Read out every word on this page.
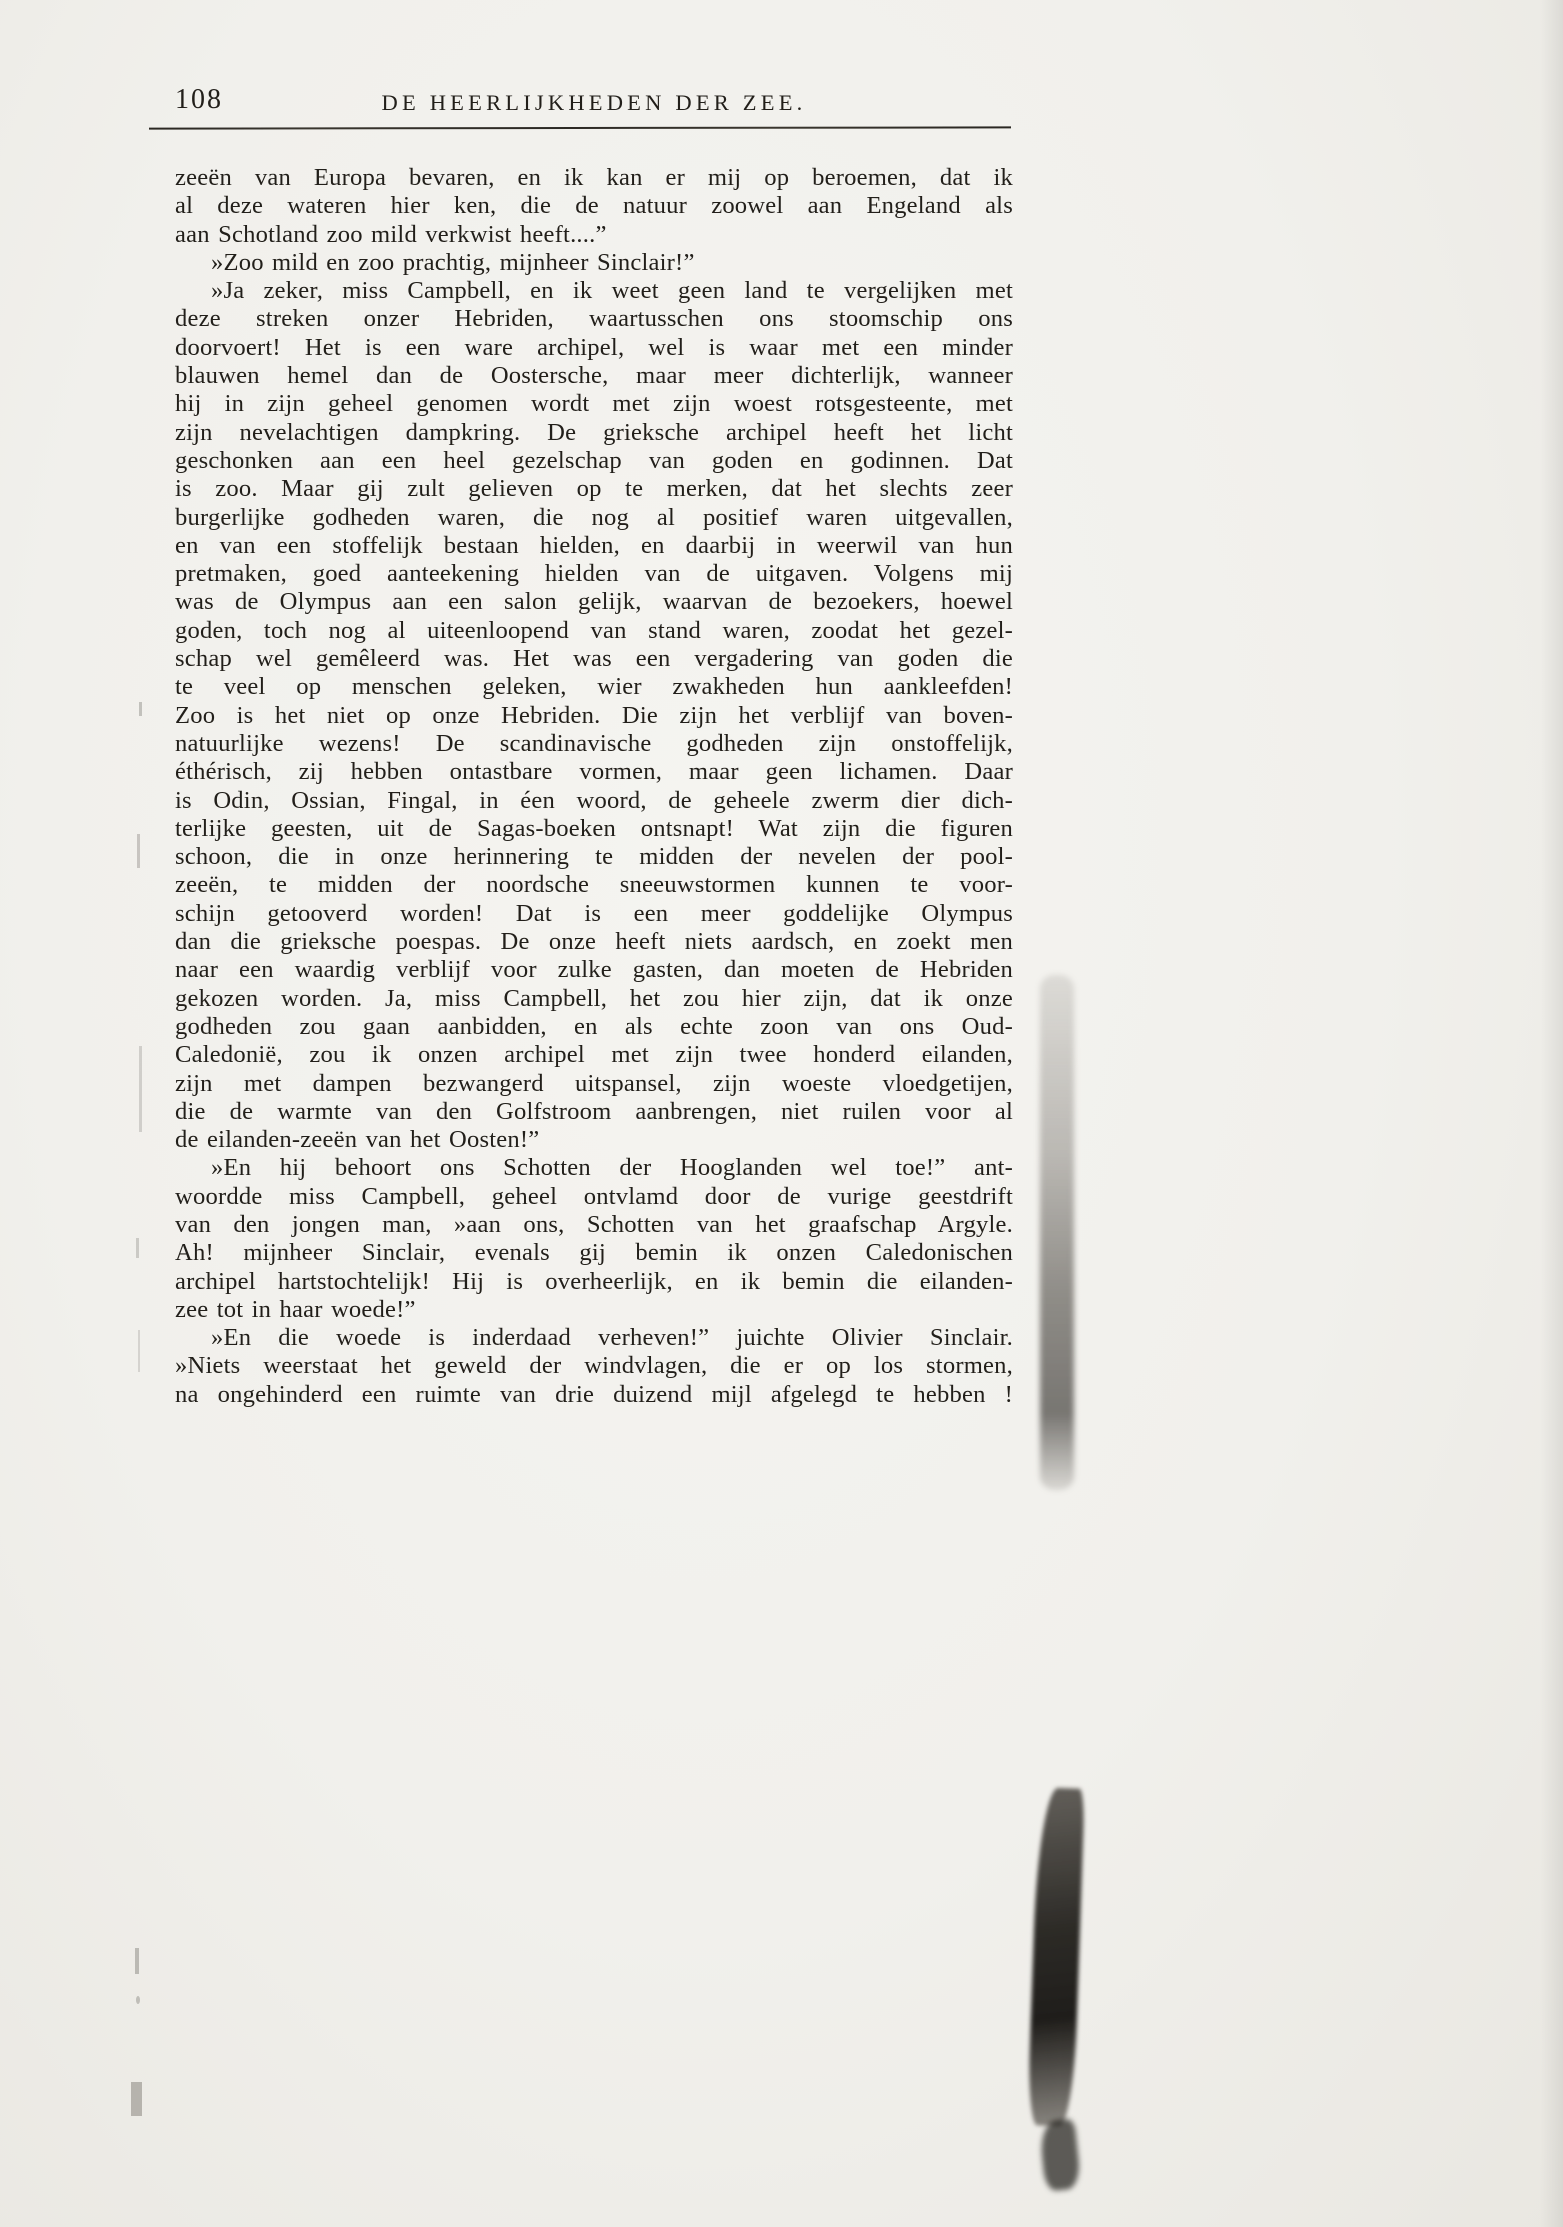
108	DE HEERLIJKHEDEN DER ZEE.
zeeën van Europa bevaren, en ik kan er mij op beroemen, dat ik
al deze wateren hier ken, die de natuur zoowel aan Engeland als
aan Schotland zoo mild verkwist heeft....”
»Zoo mild en zoo prachtig, mijnheer Sinclair!”
»Ja zeker, miss Campbell, en ik weet geen land te vergelijken met
deze streken onzer Hebriden, waartusschen ons stoomschip ons
doorvoert! Het is een ware archipel, wel is waar met een minder
blauwen hemel dan de Oostersche, maar meer dichterlijk, wanneer
hij in zijn geheel genomen wordt met zijn woest rotsgesteente, met
zijn nevelachtigen dampkring. De grieksche archipel heeft het licht
geschonken aan een heel gezelschap van goden en godinnen. Dat
is zoo. Maar gij zult gelieven op te merken, dat het slechts zeer
burgerlijke godheden waren, die nog al positief waren uitgevallen,
en van een stoffelijk bestaan hielden, en daarbij in weerwil van hun
pretmaken, goed aanteekening hielden van de uitgaven. Volgens mij
was de Olympus aan een salon gelijk, waarvan de bezoekers, hoewel
goden, toch nog al uiteenloopend van stand waren, zoodat het gezel-
schap wel gemêleerd was. Het was een vergadering van goden die
te veel op menschen geleken, wier zwakheden hun aankleefden!
Zoo is het niet op onze Hebriden. Die zijn het verblijf van boven-
natuurlijke wezens! De scandinavische godheden zijn onstoffelijk,
éthérisch, zij hebben ontastbare vormen, maar geen lichamen. Daar
is Odin, Ossian, Fingal, in éen woord, de geheele zwerm dier dich-
terlijke geesten, uit de Sagas-boeken ontsnapt! Wat zijn die figuren
schoon, die in onze herinnering te midden der nevelen der pool-
zeeën, te midden der noordsche sneeuwstormen kunnen te voor-
schijn getooverd worden! Dat is een meer goddelijke Olympus
dan die grieksche poespas. De onze heeft niets aardsch, en zoekt men
naar een waardig verblijf voor zulke gasten, dan moeten de Hebriden
gekozen worden. Ja, miss Campbell, het zou hier zijn, dat ik onze
godheden zou gaan aanbidden, en als echte zoon van ons Oud-
Caledonië, zou ik onzen archipel met zijn twee honderd eilanden,
zijn met dampen bezwangerd uitspansel, zijn woeste vloedgetijen,
die de warmte van den Golfstroom aanbrengen, niet ruilen voor al
de eilanden-zeeën van het Oosten!”
»En hij behoort ons Schotten der Hooglanden wel toe!” ant-
woordde miss Campbell, geheel ontvlamd door de vurige geestdrift
van den jongen man, »aan ons, Schotten van het graafschap Argyle.
Ah! mijnheer Sinclair, evenals gij bemin ik onzen Caledonischen
archipel hartstochtelijk! Hij is overheerlijk, en ik bemin die eilanden-
zee tot in haar woede!”
»En die woede is inderdaad verheven!” juichte Olivier Sinclair.
»Niets weerstaat het geweld der windvlagen, die er op los stormen,
na ongehinderd een ruimte van drie duizend mijl afgelegd te hebben !
